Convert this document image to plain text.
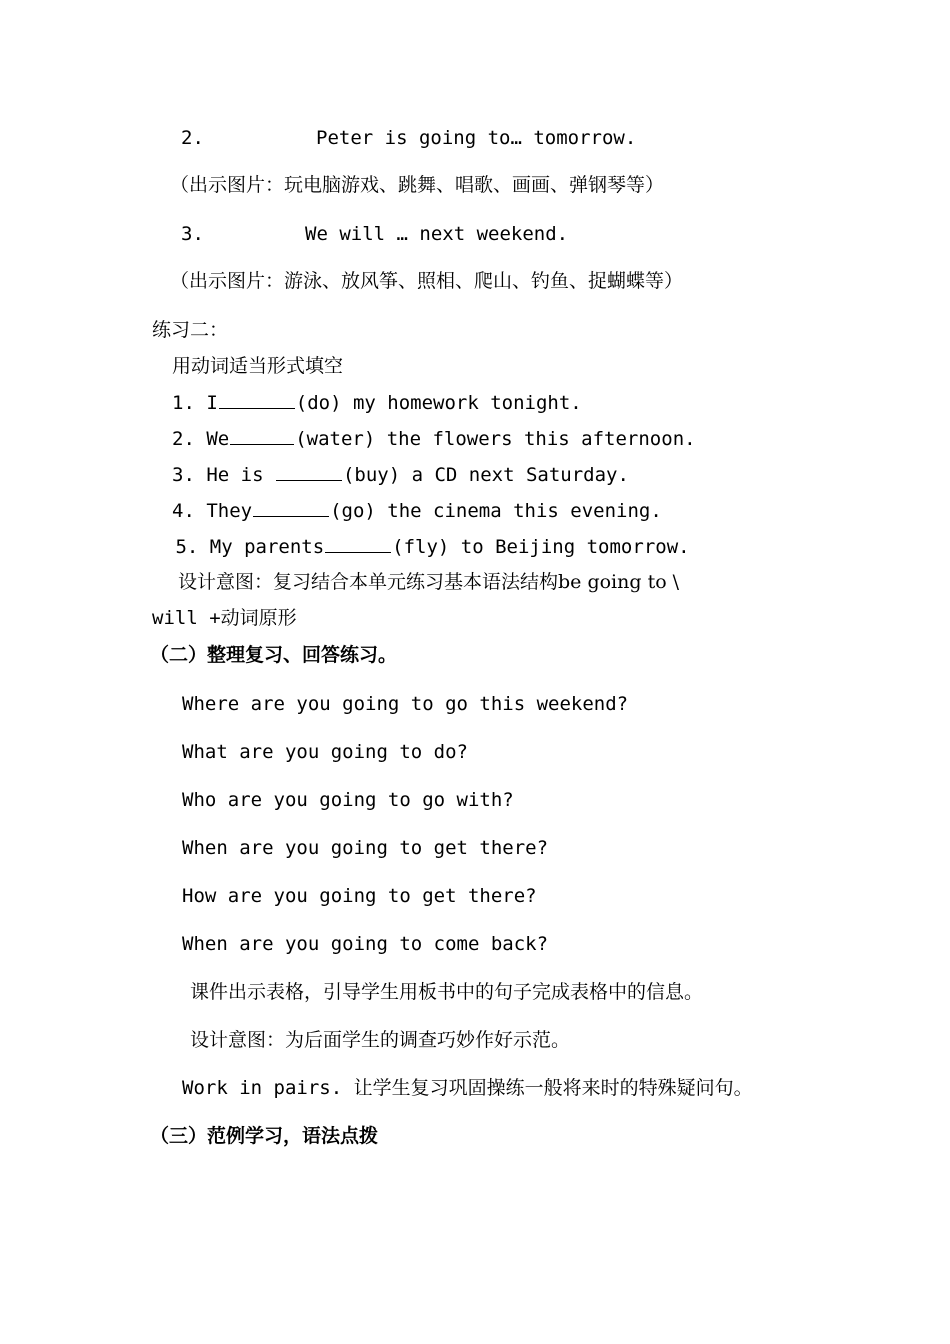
2.	Peter is going to… tomorrow.
（出示图片：玩电脑游戏、跳舞、唱歌、画画、弹钢琴等）
3.	We will … next weekend.
（出示图片：游泳、放风筝、照相、爬山、钓鱼、捉蝴蝶等）
练习二：
用动词适当形式填空
1. I	(do) my homework tonight.
2. We	(water) the flowers this afternoon.
3. He is	(buy) a CD next Saturday.
4. They	(go) the cinema this evening.
5. My parents	(fly) to Beijing tomorrow.
设计意图：复习结合本单元练习基本语法结构be going to \
will +动词原形
（二）整理复习、回答练习。
Where are you going to go this weekend?
What are you going to do?
Who are you going to go with?
When are you going to get there?
How are you going to get there?
When are you going to come back?
课件出示表格，引导学生用板书中的句子完成表格中的信息。
设计意图：为后面学生的调查巧妙作好示范。
Work in pairs. 让学生复习巩固操练一般将来时的特殊疑问句。
（三）范例学习，语法点拨
